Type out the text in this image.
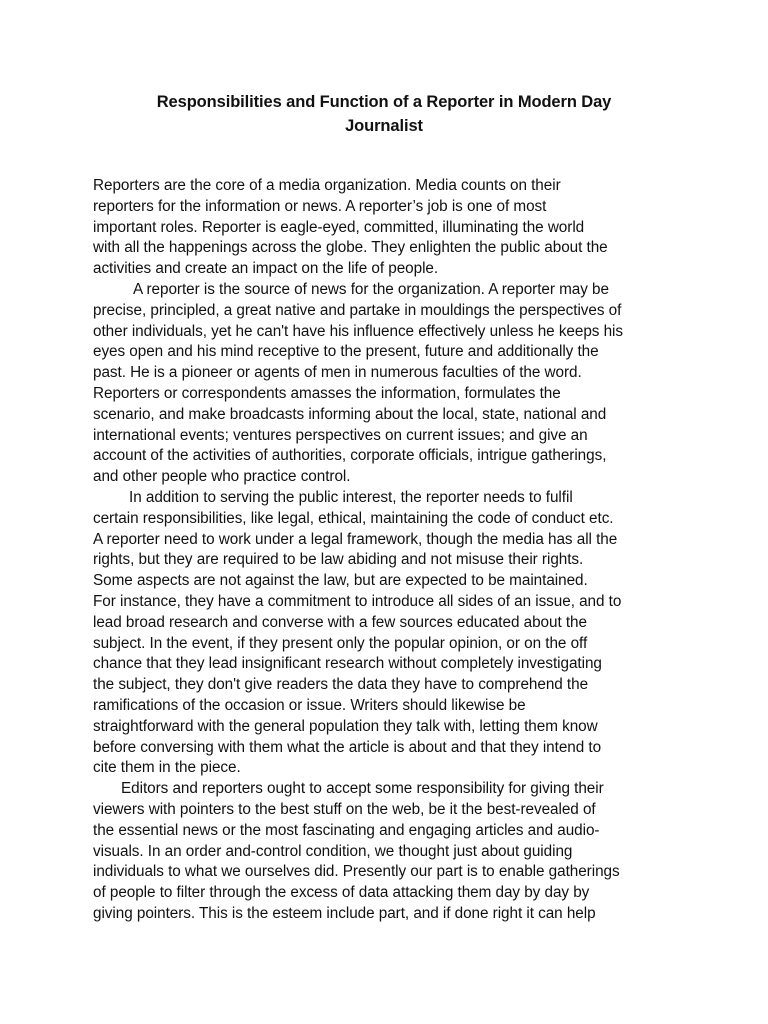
Responsibilities and Function of a Reporter in Modern Day
Journalist
Reporters are the core of a media organization. Media counts on their
reporters for the information or news. A reporter’s job is one of most
important roles. Reporter is eagle-eyed, committed, illuminating the world
with all the happenings across the globe. They enlighten the public about the
activities and create an impact on the life of people.
A reporter is the source of news for the organization. A reporter may be
precise, principled, a great native and partake in mouldings the perspectives of
other individuals, yet he can't have his influence effectively unless he keeps his
eyes open and his mind receptive to the present, future and additionally the
past. He is a pioneer or agents of men in numerous faculties of the word.
Reporters or correspondents amasses the information, formulates the
scenario, and make broadcasts informing about the local, state, national and
international events; ventures perspectives on current issues; and give an
account of the activities of authorities, corporate officials, intrigue gatherings,
and other people who practice control.
In addition to serving the public interest, the reporter needs to fulfil
certain responsibilities, like legal, ethical, maintaining the code of conduct etc.
A reporter need to work under a legal framework, though the media has all the
rights, but they are required to be law abiding and not misuse their rights.
Some aspects are not against the law, but are expected to be maintained.
For instance, they have a commitment to introduce all sides of an issue, and to
lead broad research and converse with a few sources educated about the
subject. In the event, if they present only the popular opinion, or on the off
chance that they lead insignificant research without completely investigating
the subject, they don't give readers the data they have to comprehend the
ramifications of the occasion or issue. Writers should likewise be
straightforward with the general population they talk with, letting them know
before conversing with them what the article is about and that they intend to
cite them in the piece.
Editors and reporters ought to accept some responsibility for giving their
viewers with pointers to the best stuff on the web, be it the best-revealed of
the essential news or the most fascinating and engaging articles and audio-
visuals. In an order and-control condition, we thought just about guiding
individuals to what we ourselves did. Presently our part is to enable gatherings
of people to filter through the excess of data attacking them day by day by
giving pointers. This is the esteem include part, and if done right it can help
